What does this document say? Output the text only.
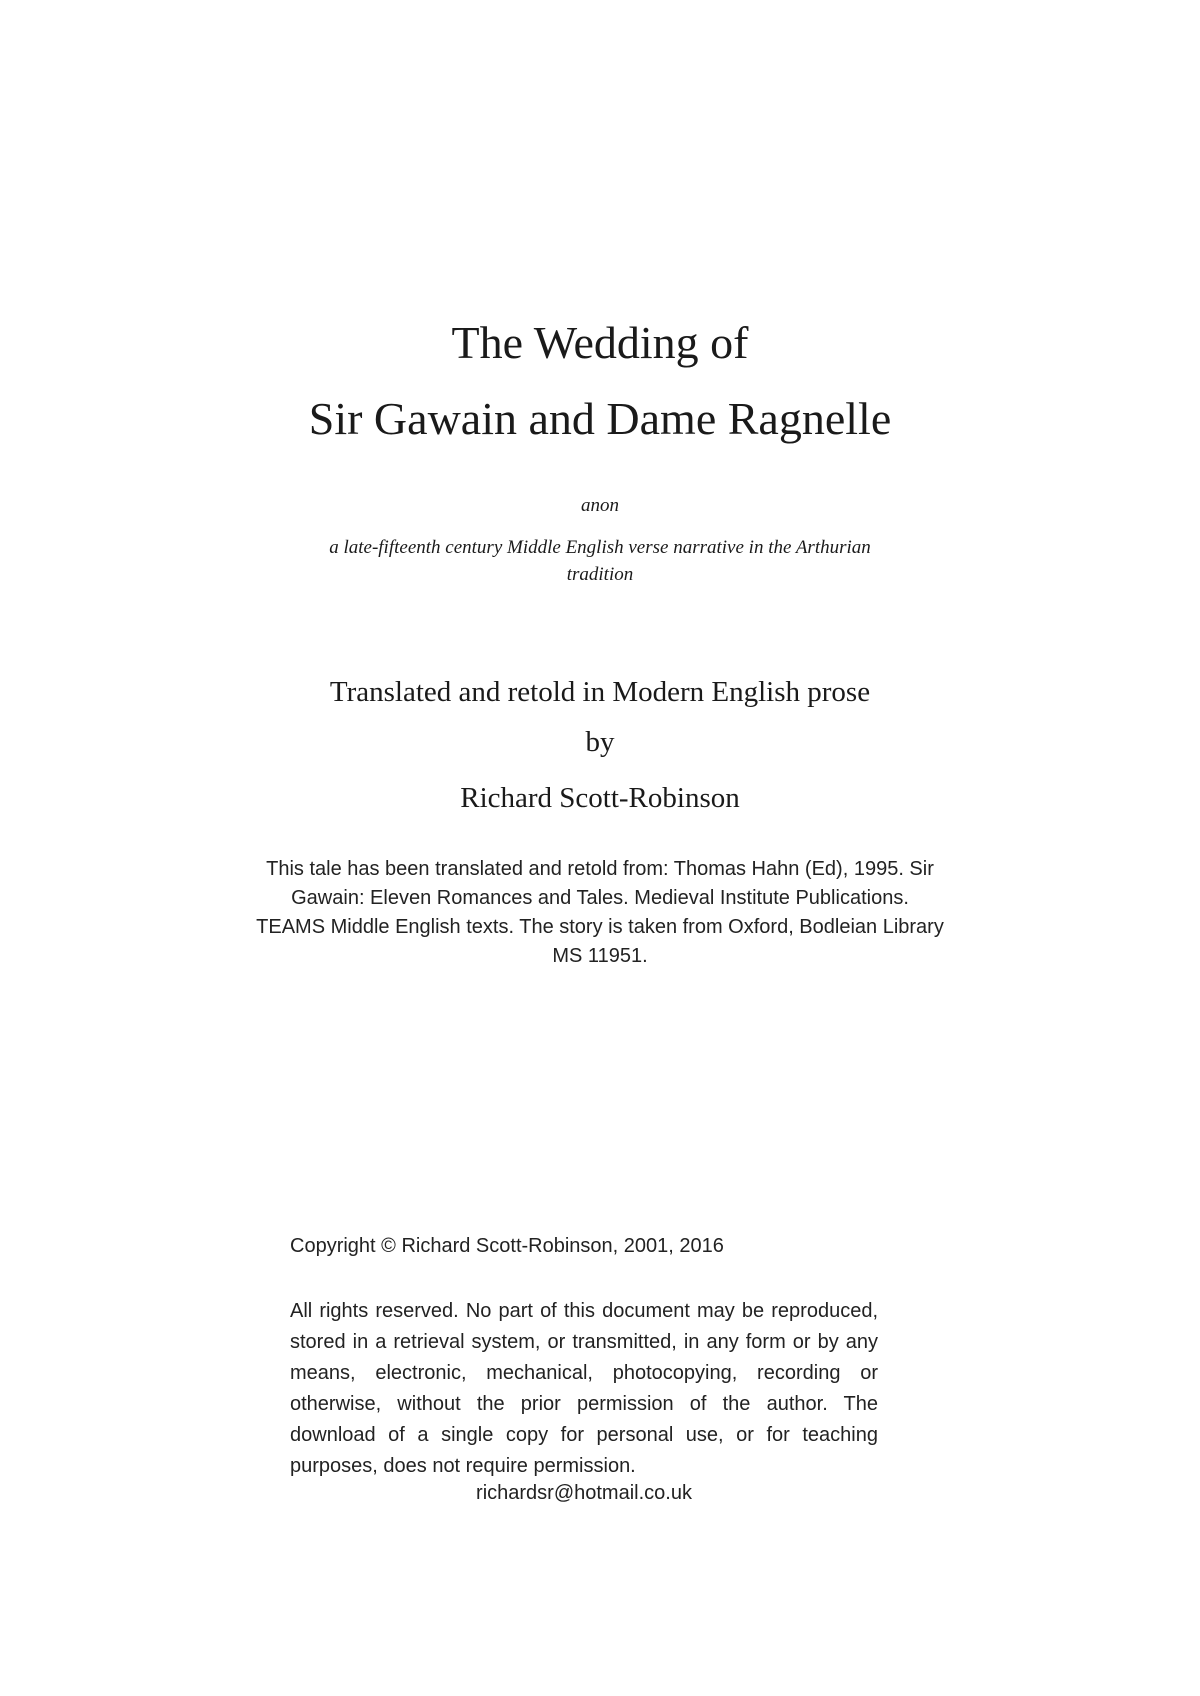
The Wedding of
Sir Gawain and Dame Ragnelle
anon
a late-fifteenth century Middle English verse narrative in the Arthurian tradition
Translated and retold in Modern English prose
by
Richard Scott-Robinson
This tale has been translated and retold from: Thomas Hahn (Ed), 1995. Sir Gawain: Eleven Romances and Tales. Medieval Institute Publications. TEAMS Middle English texts. The story is taken from Oxford, Bodleian Library MS 11951.
Copyright © Richard Scott-Robinson, 2001, 2016
All rights reserved. No part of this document may be reproduced, stored in a retrieval system, or transmitted, in any form or by any means, electronic, mechanical, photocopying, recording or otherwise, without the prior permission of the author. The download of a single copy for personal use, or for teaching purposes, does not require permission.
richardsr@hotmail.co.uk
